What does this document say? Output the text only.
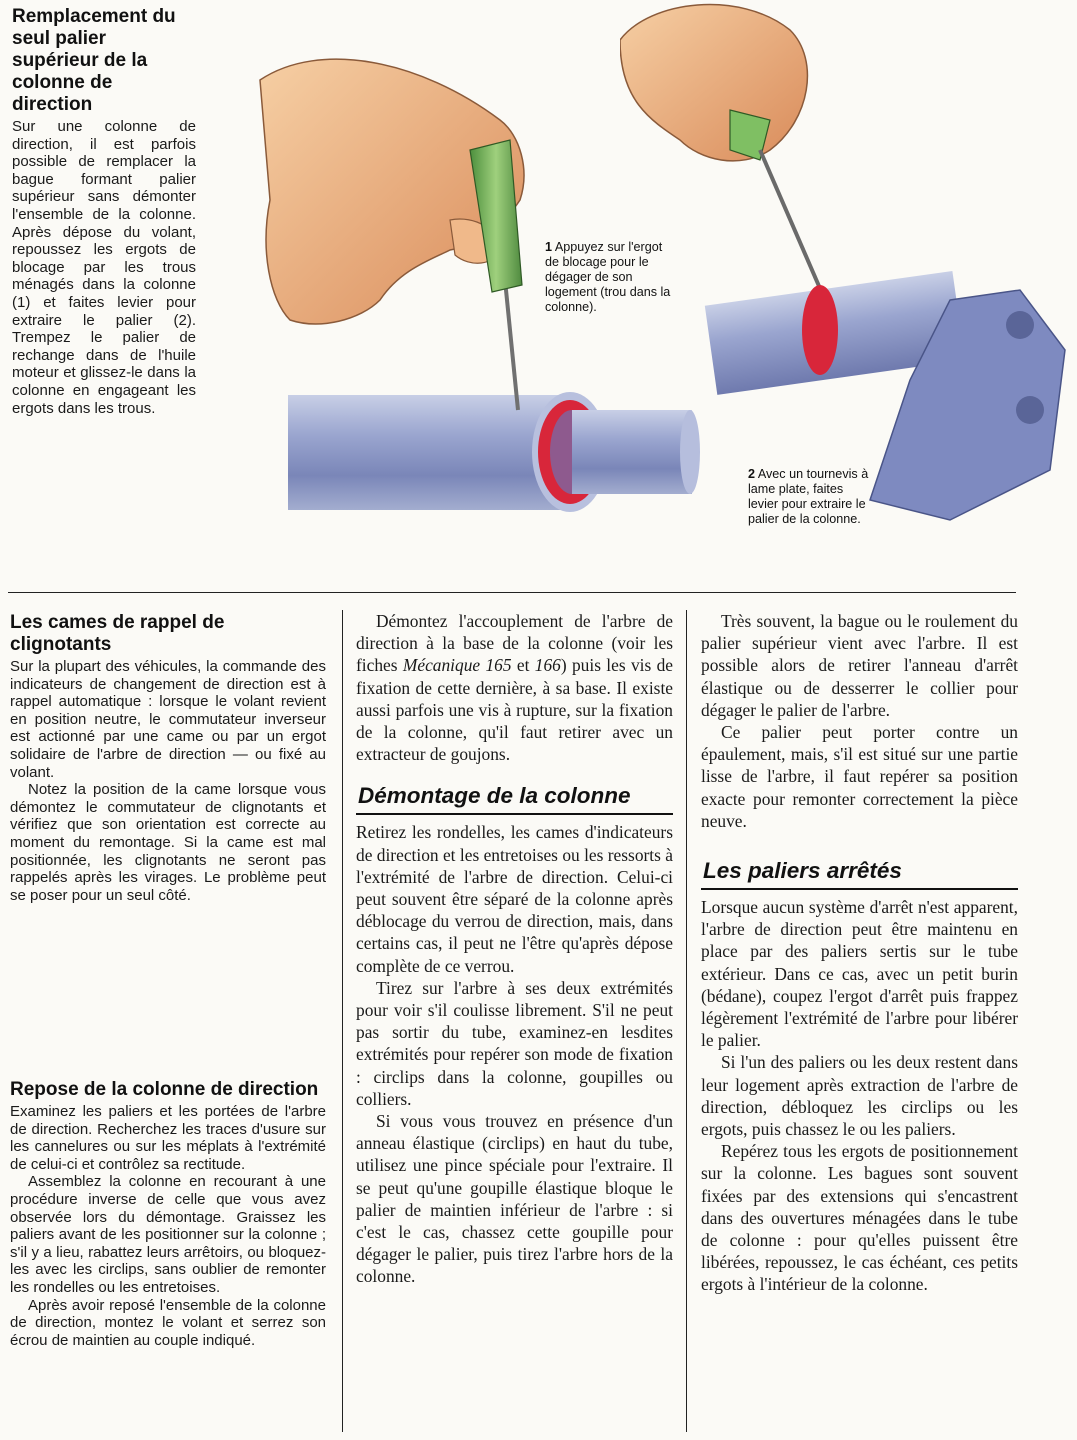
Remplacement du seul palier supérieur de la colonne de direction

Sur une colonne de direction, il est parfois possible de remplacer la bague formant palier supérieur sans démonter l'ensemble de la colonne. Après dépose du volant, repoussez les ergots de blocage par les trous ménagés dans la colonne (1) et faites levier pour extraire le palier (2). Trempez le palier de rechange dans de l'huile moteur et glissez-le dans la colonne en engageant les ergots dans les trous.

1 Appuyez sur l'ergot de blocage pour le dégager de son logement (trou dans la colonne).
2 Avec un tournevis à lame plate, faites levier pour extraire le palier de la colonne.
Les cames de rappel de clignotants

Sur la plupart des véhicules, la commande des indicateurs de changement de direction est à rappel automatique : lorsque le volant revient en position neutre, le commutateur inverseur est actionné par une came ou par un ergot solidaire de l'arbre de direction — ou fixé au volant.

Notez la position de la came lorsque vous démontez le commutateur de clignotants et vérifiez que son orientation est correcte au moment du remontage. Si la came est mal positionnée, les clignotants ne seront pas rappelés après les virages. Le problème peut se poser pour un seul côté.

Repose de la colonne de direction

Examinez les paliers et les portées de l'arbre de direction. Recherchez les traces d'usure sur les cannelures ou sur les méplats à l'extrémité de celui-ci et contrôlez sa rectitude.

Assemblez la colonne en recourant à une procédure inverse de celle que vous avez observée lors du démontage. Graissez les paliers avant de les positionner sur la colonne ; s'il y a lieu, rabattez leurs arrêtoirs, ou bloquez-les avec les circlips, sans oublier de remonter les rondelles ou les entretoises.

Après avoir reposé l'ensemble de la colonne de direction, montez le volant et serrez son écrou de maintien au couple indiqué.

Démontez l'accouplement de l'arbre de direction à la base de la colonne (voir les fiches Mécanique 165 et 166) puis les vis de fixation de cette dernière, à sa base. Il existe aussi parfois une vis à rupture, sur la fixation de la colonne, qu'il faut retirer avec un extracteur de goujons.

Démontage de la colonne

Retirez les rondelles, les cames d'indicateurs de direction et les entretoises ou les ressorts à l'extrémité de l'arbre de direction. Celui-ci peut souvent être séparé de la colonne après déblocage du verrou de direction, mais, dans certains cas, il peut ne l'être qu'après dépose complète de ce verrou.

Tirez sur l'arbre à ses deux extrémités pour voir s'il coulisse librement. S'il ne peut pas sortir du tube, examinez-en lesdites extrémités pour repérer son mode de fixation : circlips dans la colonne, goupilles ou colliers.

Si vous vous trouvez en présence d'un anneau élastique (circlips) en haut du tube, utilisez une pince spéciale pour l'extraire. Il se peut qu'une goupille élastique bloque le palier de maintien inférieur de l'arbre : si c'est le cas, chassez cette goupille pour dégager le palier, puis tirez l'arbre hors de la colonne.

Très souvent, la bague ou le roulement du palier supérieur vient avec l'arbre. Il est possible alors de retirer l'anneau d'arrêt élastique ou de desserrer le collier pour dégager le palier de l'arbre.

Ce palier peut porter contre un épaulement, mais, s'il est situé sur une partie lisse de l'arbre, il faut repérer sa position exacte pour remonter correctement la pièce neuve.

Les paliers arrêtés

Lorsque aucun système d'arrêt n'est apparent, l'arbre de direction peut être maintenu en place par des paliers sertis sur le tube extérieur. Dans ce cas, avec un petit burin (bédane), coupez l'ergot d'arrêt puis frappez légèrement l'extrémité de l'arbre pour libérer le palier.

Si l'un des paliers ou les deux restent dans leur logement après extraction de l'arbre de direction, débloquez les circlips ou les ergots, puis chassez le ou les paliers.

Repérez tous les ergots de positionnement sur la colonne. Les bagues sont souvent fixées par des extensions qui s'encastrent dans des ouvertures ménagées dans le tube de colonne : pour qu'elles puissent être libérées, repoussez, le cas échéant, ces petits ergots à l'intérieur de la colonne.
